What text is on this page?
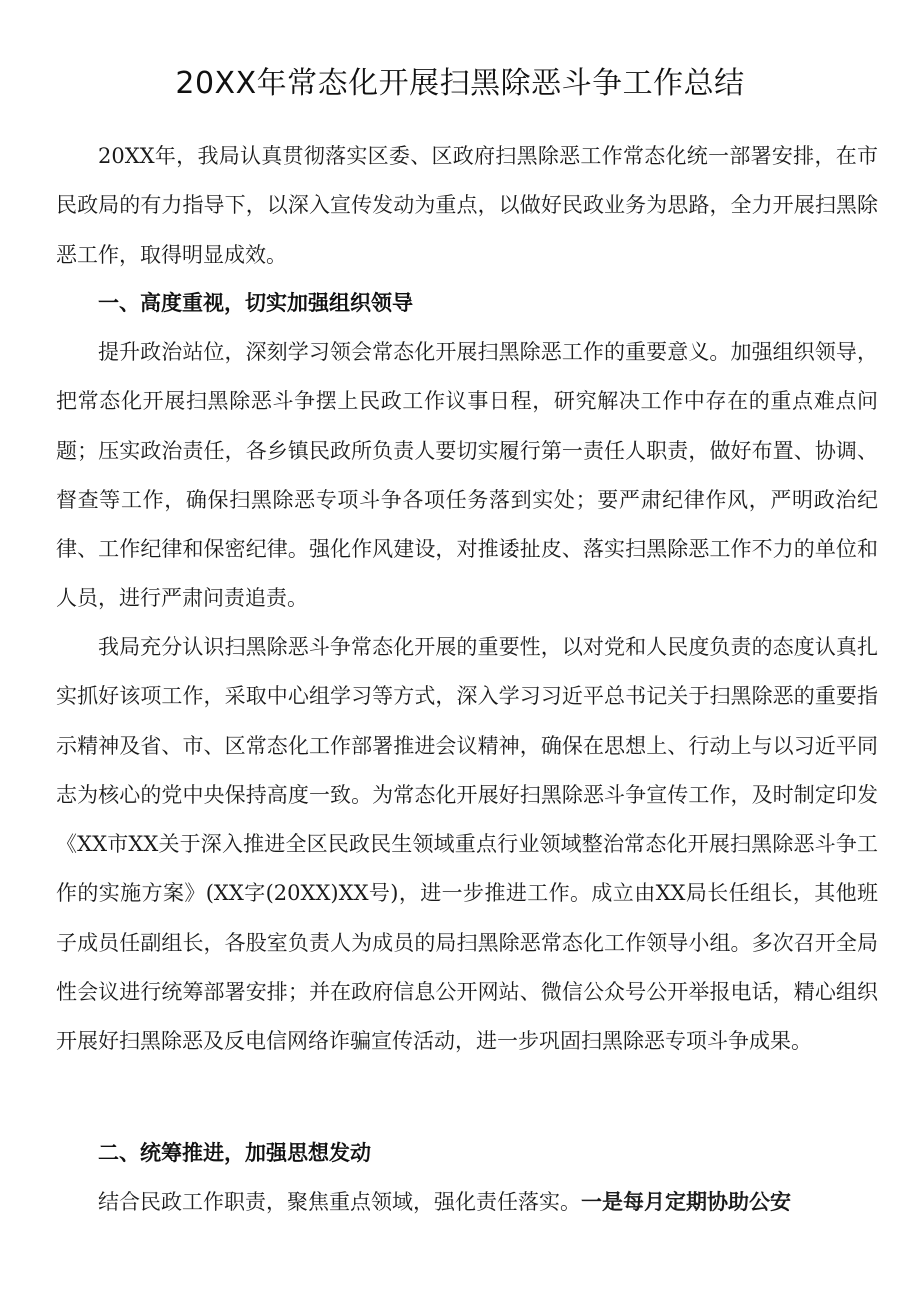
20XX年常态化开展扫黑除恶斗争工作总结

20XX年，我局认真贯彻落实区委、区政府扫黑除恶工作常态化统一部署安排，在市民政局的有力指导下，以深入宣传发动为重点，以做好民政业务为思路，全力开展扫黑除恶工作，取得明显成效。

一、高度重视，切实加强组织领导

提升政治站位，深刻学习领会常态化开展扫黑除恶工作的重要意义。加强组织领导，把常态化开展扫黑除恶斗争摆上民政工作议事日程，研究解决工作中存在的重点难点问题；压实政治责任，各乡镇民政所负责人要切实履行第一责任人职责，做好布置、协调、督查等工作，确保扫黑除恶专项斗争各项任务落到实处；要严肃纪律作风，严明政治纪律、工作纪律和保密纪律。强化作风建设，对推诿扯皮、落实扫黑除恶工作不力的单位和人员，进行严肃问责追责。

我局充分认识扫黑除恶斗争常态化开展的重要性，以对党和人民度负责的态度认真扎实抓好该项工作，采取中心组学习等方式，深入学习习近平总书记关于扫黑除恶的重要指示精神及省、市、区常态化工作部署推进会议精神，确保在思想上、行动上与以习近平同志为核心的党中央保持高度一致。为常态化开展好扫黑除恶斗争宣传工作，及时制定印发《XX市XX关于深入推进全区民政民生领域重点行业领域整治常态化开展扫黑除恶斗争工作的实施方案》(XX字(20XX)XX号)，进一步推进工作。成立由XX局长任组长，其他班子成员任副组长，各股室负责人为成员的局扫黑除恶常态化工作领导小组。多次召开全局性会议进行统筹部署安排；并在政府信息公开网站、微信公众号公开举报电话，精心组织开展好扫黑除恶及反电信网络诈骗宣传活动，进一步巩固扫黑除恶专项斗争成果。

二、统筹推进，加强思想发动

结合民政工作职责，聚焦重点领域，强化责任落实。一是每月定期协助公安
